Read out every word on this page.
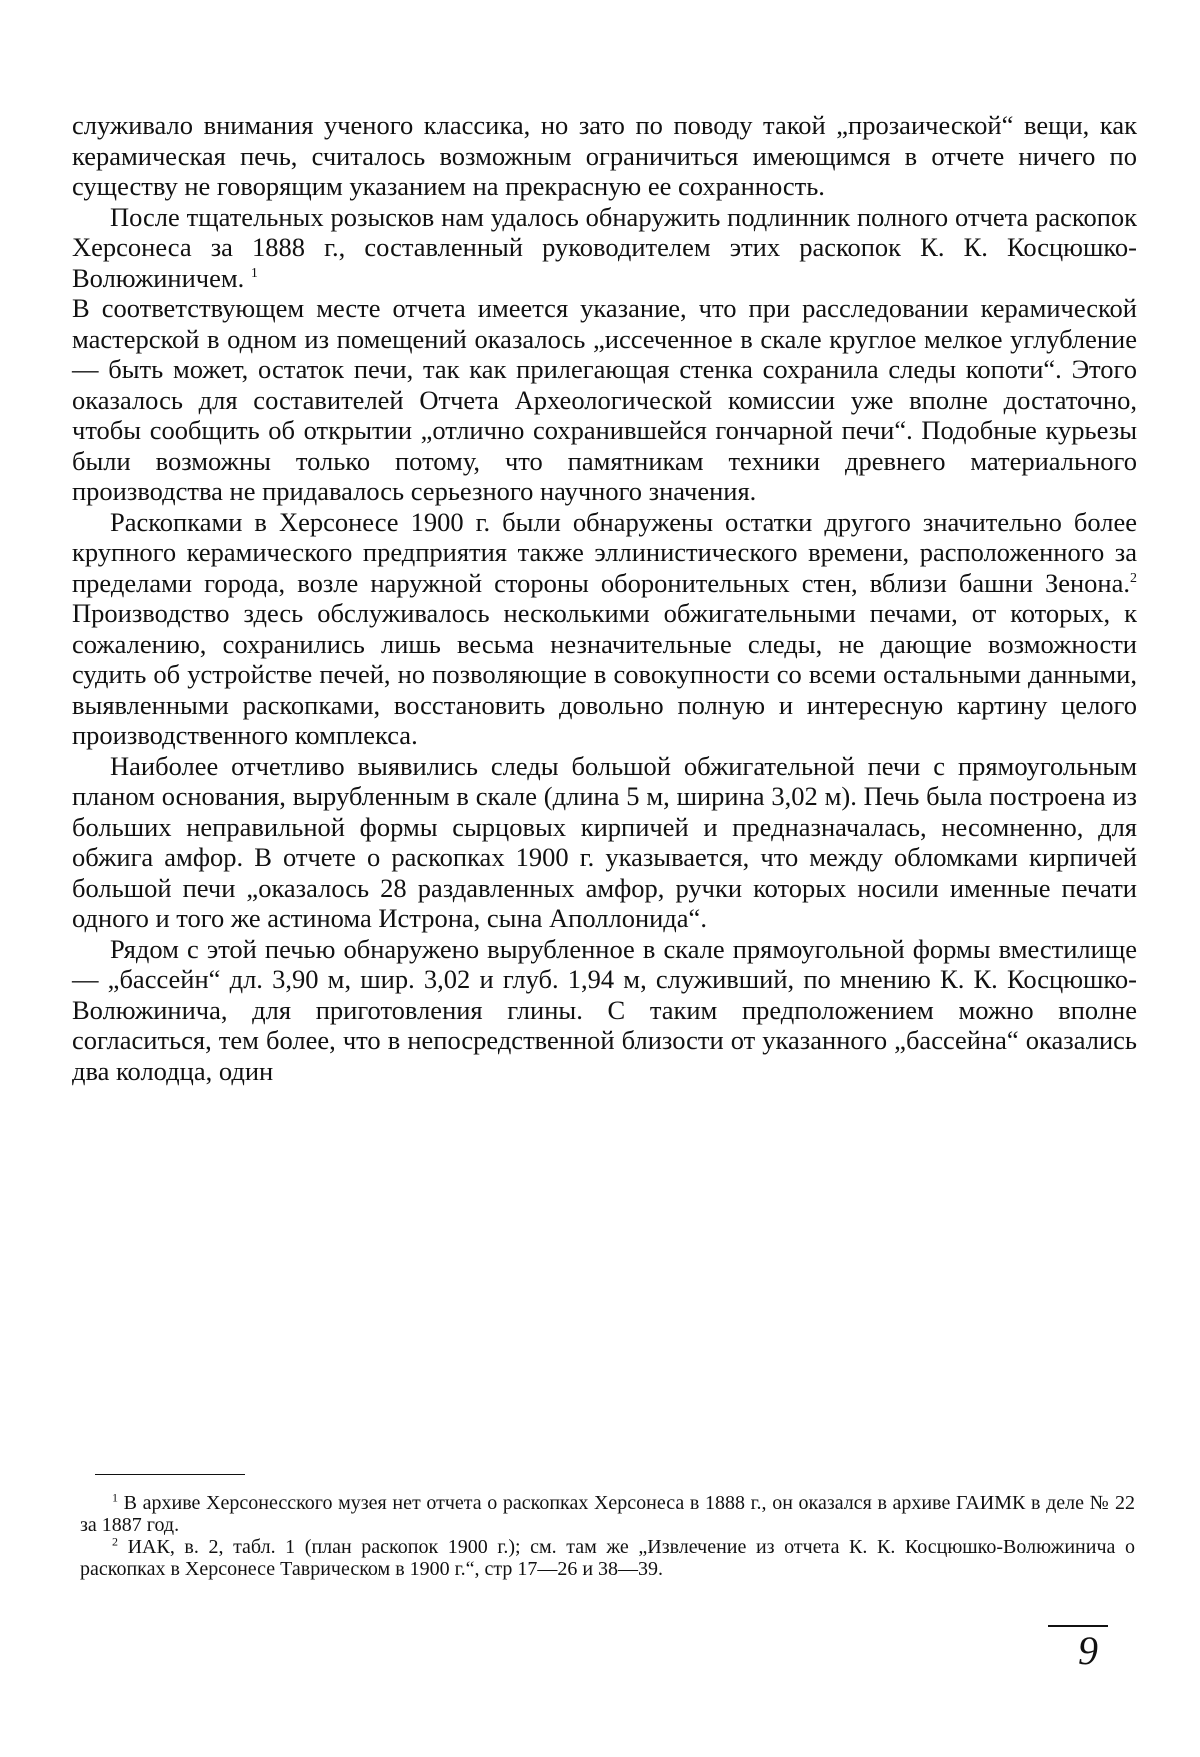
служивало внимания ученого классика, но зато по поводу такой „прозаической“ вещи, как керамическая печь, считалось возможным ограничиться имеющимся в отчете ничего по существу не говорящим указанием на прекрасную ее сохранность.

После тщательных розысков нам удалось обнаружить подлинник полного отчета раскопок Херсонеса за 1888 г., составленный руководителем этих раскопок К. К. Косцюшко-Волюжиничем. $^1$
В соответствующем месте отчета имеется указание, что при расследовании керамической мастерской в одном из помещений оказалось „иссеченное в скале круглое мелкое углубление — быть может, остаток печи, так как прилегающая стенка сохранила следы копоти“. Этого оказалось для составителей Отчета Археологической комиссии уже вполне достаточно, чтобы сообщить об открытии „отлично сохранившейся гончарной печи“. Подобные курьезы были возможны только потому, что памятникам техники древнего материального производства не придавалось серьезного научного значения.

Раскопками в Херсонесе 1900 г. были обнаружены остатки другого значительно более крупного керамического предприятия также эллинистического времени, расположенного за пределами города, возле наружной стороны оборонительных стен, вблизи башни Зенона.$^2$ Производство здесь обслуживалось несколькими обжигательными печами, от которых, к сожалению, сохранились лишь весьма незначительные следы, не дающие возможности судить об устройстве печей, но позволяющие в совокупности со всеми остальными данными, выявленными раскопками, восстановить довольно полную и интересную картину целого производственного комплекса.

Наиболее отчетливо выявились следы большой обжигательной печи с прямоугольным планом основания, вырубленным в скале (длина 5 м, ширина 3,02 м). Печь была построена из больших неправильной формы сырцовых кирпичей и предназначалась, несомненно, для обжига амфор. В отчете о раскопках 1900 г. указывается, что между обломками кирпичей большой печи „оказалось 28 раздавленных амфор, ручки которых носили именные печати одного и того же астинома Истрона, сына Аполлонида“.

Рядом с этой печью обнаружено вырубленное в скале прямоугольной формы вместилище — „бассейн“ дл. 3,90 м, шир. 3,02 и глуб. 1,94 м, служивший, по мнению К. К. Косцюшко-Волюжинича, для приготовления глины. С таким предположением можно вполне согласиться, тем более, что в непосредственной близости от указанного „бассейна“ оказались два колодца, один

$^1$ В архиве Херсонесского музея нет отчета о раскопках Херсонеса в 1888 г., он оказался в архиве ГАИМК в деле № 22 за 1887 год.

$^2$ ИАК, в. 2, табл. 1 (план раскопок 1900 г.); см. там же „Извлечение из отчета К. К. Косцюшко-Волюжинича о раскопках в Херсонесе Таврическом в 1900 г.“, стр 17—26 и 38—39.

9
